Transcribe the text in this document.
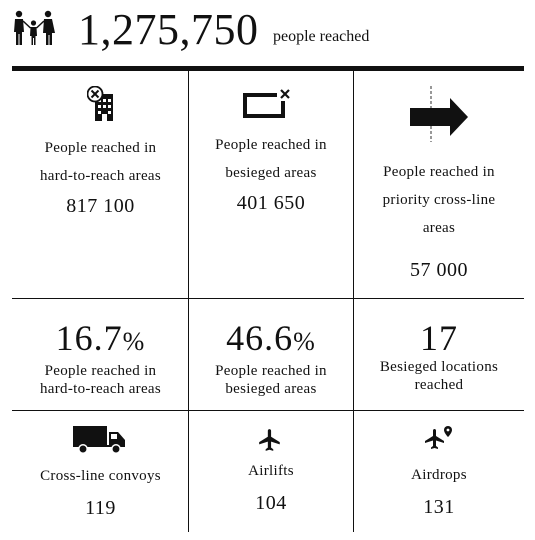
1,275,750 people reached
People reached in
hard-to-reach areas
817 100
People reached in
besieged areas
401 650
People reached in
priority cross-line
areas
57 000
16.7%
People reached in
hard-to-reach areas
46.6%
People reached in
besieged areas
17
Besieged locations
reached
Cross-line convoys
119
Airlifts
104
Airdrops
131
